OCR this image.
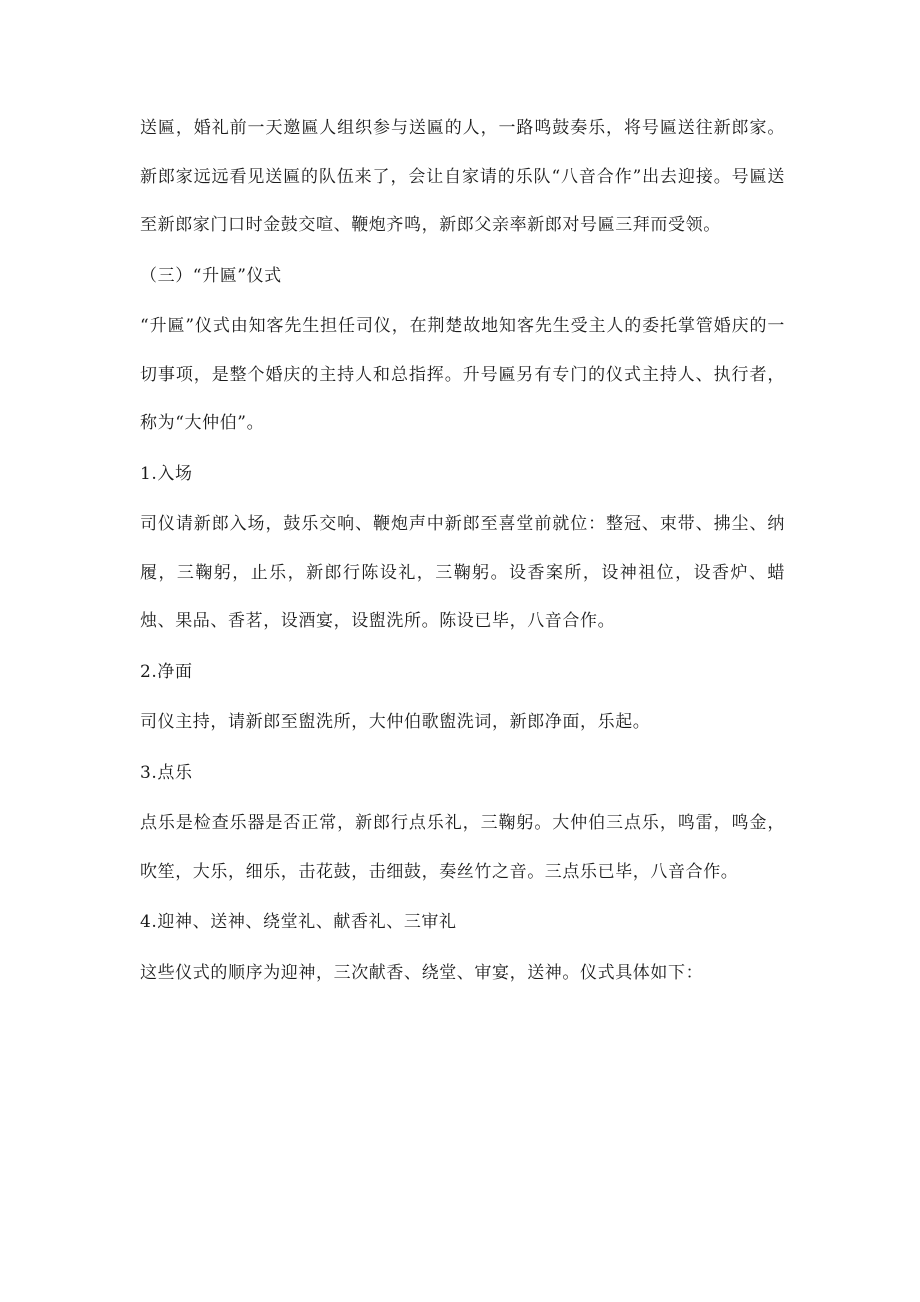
送匾，婚礼前一天邀匾人组织参与送匾的人，一路鸣鼓奏乐，将号匾送往新郎家。新郎家远远看见送匾的队伍来了，会让自家请的乐队“八音合作”出去迎接。号匾送至新郎家门口时金鼓交喧、鞭炮齐鸣，新郎父亲率新郎对号匾三拜而受领。

（三）“升匾”仪式

“升匾”仪式由知客先生担任司仪，在荆楚故地知客先生受主人的委托掌管婚庆的一切事项，是整个婚庆的主持人和总指挥。升号匾另有专门的仪式主持人、执行者，称为“大仲伯”。

1.入场

司仪请新郎入场，鼓乐交响、鞭炮声中新郎至喜堂前就位：整冠、束带、拂尘、纳履，三鞠躬，止乐，新郎行陈设礼，三鞠躬。设香案所，设神祖位，设香炉、蜡烛、果品、香茗，设酒宴，设盥洗所。陈设已毕，八音合作。

2.净面

司仪主持，请新郎至盥洗所，大仲伯歌盥洗词，新郎净面，乐起。

3.点乐

点乐是检查乐器是否正常，新郎行点乐礼，三鞠躬。大仲伯三点乐，鸣雷，鸣金，吹笙，大乐，细乐，击花鼓，击细鼓，奏丝竹之音。三点乐已毕，八音合作。

4.迎神、送神、绕堂礼、献香礼、三审礼

这些仪式的顺序为迎神，三次献香、绕堂、审宴，送神。仪式具体如下：
